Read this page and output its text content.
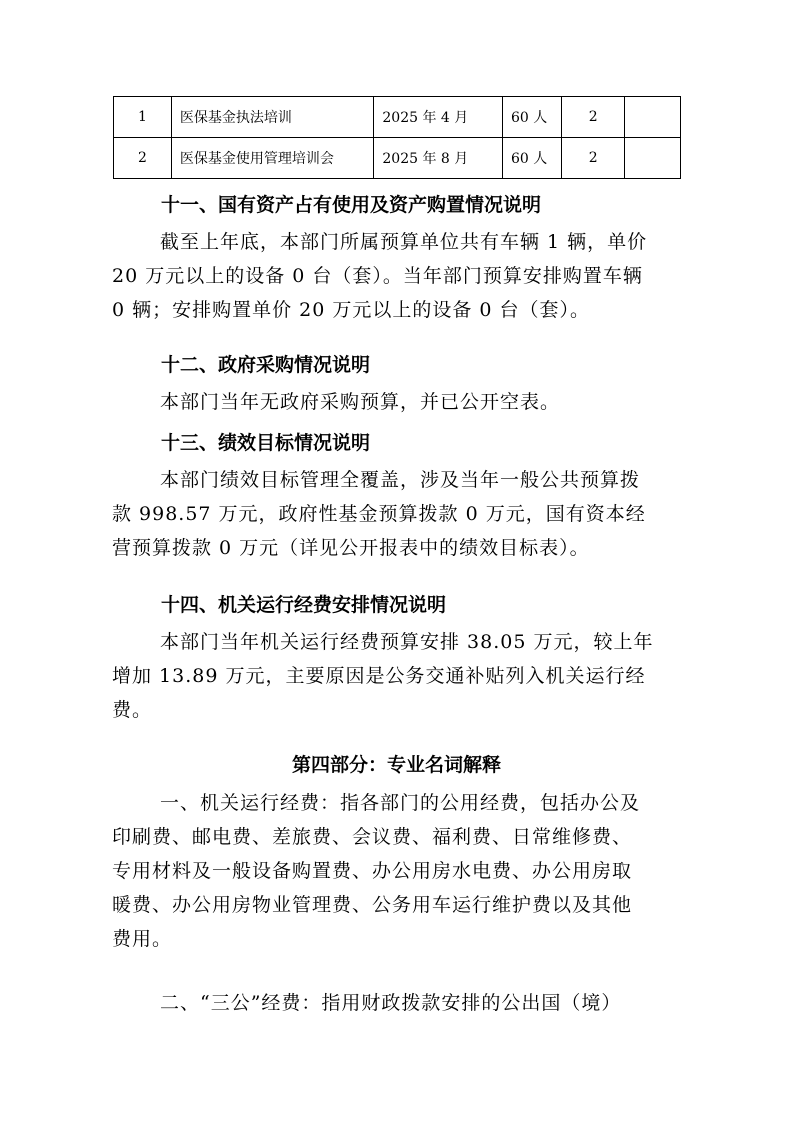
1	医保基金执法培训	2025 年 4 月	60 人	2	
2	医保基金使用管理培训会	2025 年 8 月	60 人	2	
十一、国有资产占有使用及资产购置情况说明
截至上年底，本部门所属预算单位共有车辆 1 辆，单价
20 万元以上的设备 0 台（套）。当年部门预算安排购置车辆
0 辆；安排购置单价 20 万元以上的设备 0 台（套）。
十二、政府采购情况说明
本部门当年无政府采购预算，并已公开空表。
十三、绩效目标情况说明
本部门绩效目标管理全覆盖，涉及当年一般公共预算拨
款 998.57 万元，政府性基金预算拨款 0 万元，国有资本经
营预算拨款 0 万元（详见公开报表中的绩效目标表）。
十四、机关运行经费安排情况说明
本部门当年机关运行经费预算安排 38.05 万元，较上年
增加 13.89 万元，主要原因是公务交通补贴列入机关运行经
费。
第四部分：专业名词解释
一、机关运行经费：指各部门的公用经费，包括办公及
印刷费、邮电费、差旅费、会议费、福利费、日常维修费、
专用材料及一般设备购置费、办公用房水电费、办公用房取
暖费、办公用房物业管理费、公务用车运行维护费以及其他
费用。
二、“三公”经费：指用财政拨款安排的公出国（境）
